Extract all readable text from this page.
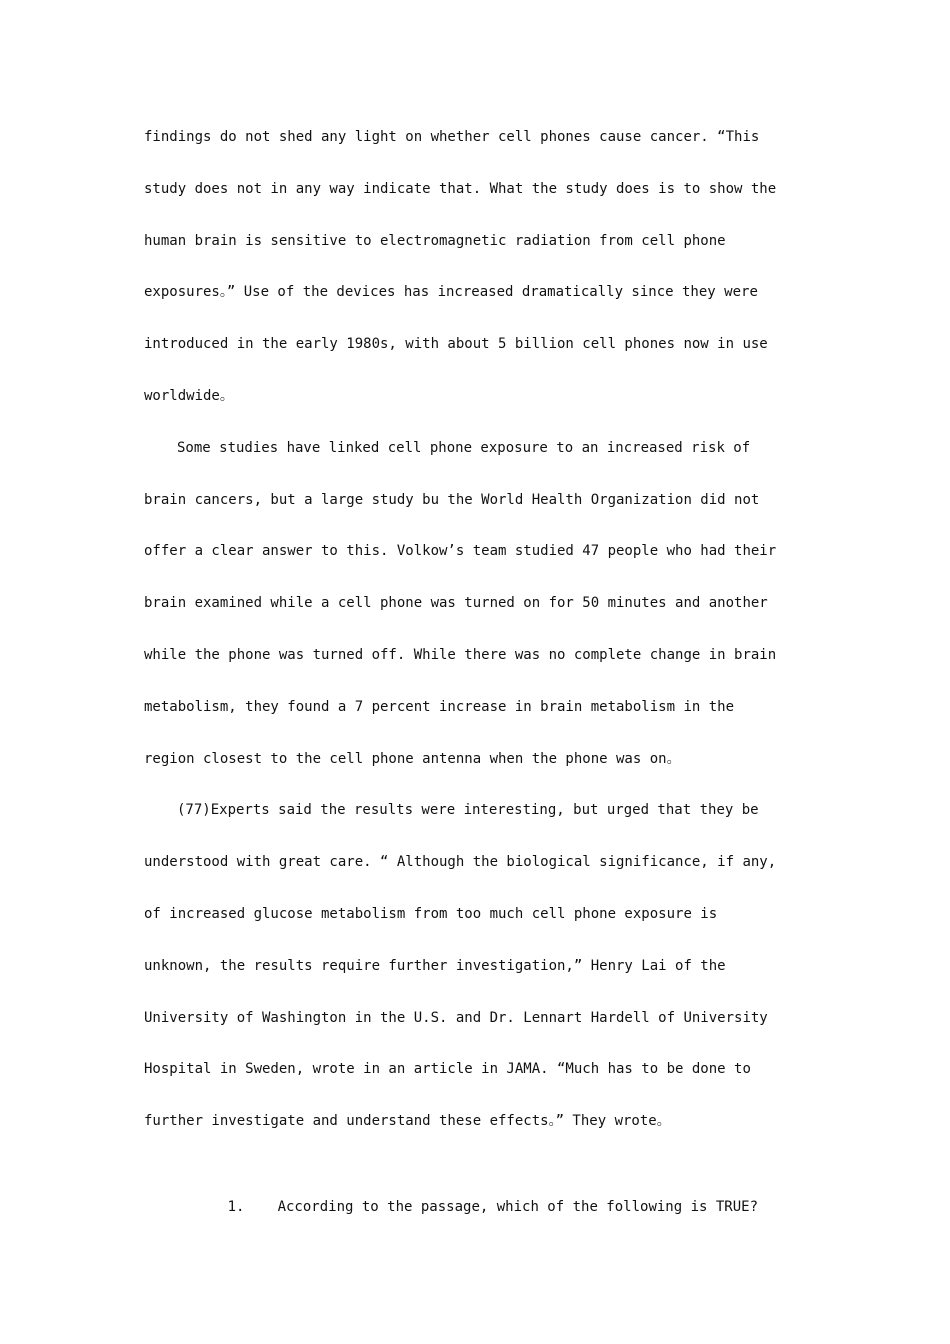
findings do not shed any light on whether cell phones cause cancer. “This
study does not in any way indicate that. What the study does is to show the
human brain is sensitive to electromagnetic radiation from cell phone
exposures。” Use of the devices has increased dramatically since they were
introduced in the early 1980s, with about 5 billion cell phones now in use
worldwide。
Some studies have linked cell phone exposure to an increased risk of
brain cancers, but a large study bu the World Health Organization did not
offer a clear answer to this. Volkow’s team studied 47 people who had their
brain examined while a cell phone was turned on for 50 minutes and another
while the phone was turned off. While there was no complete change in brain
metabolism, they found a 7 percent increase in brain metabolism in the
region closest to the cell phone antenna when the phone was on。
(77)Experts said the results were interesting, but urged that they be
understood with great care. “ Although the biological significance, if any,
of increased glucose metabolism from too much cell phone exposure is
unknown, the results require further investigation,” Henry Lai of the
University of Washington in the U.S. and Dr. Lennart Hardell of University
Hospital in Sweden, wrote in an article in JAMA. “Much has to be done to
further investigate and understand these effects。” They wrote。

1. According to the passage, which of the following is TRUE?
